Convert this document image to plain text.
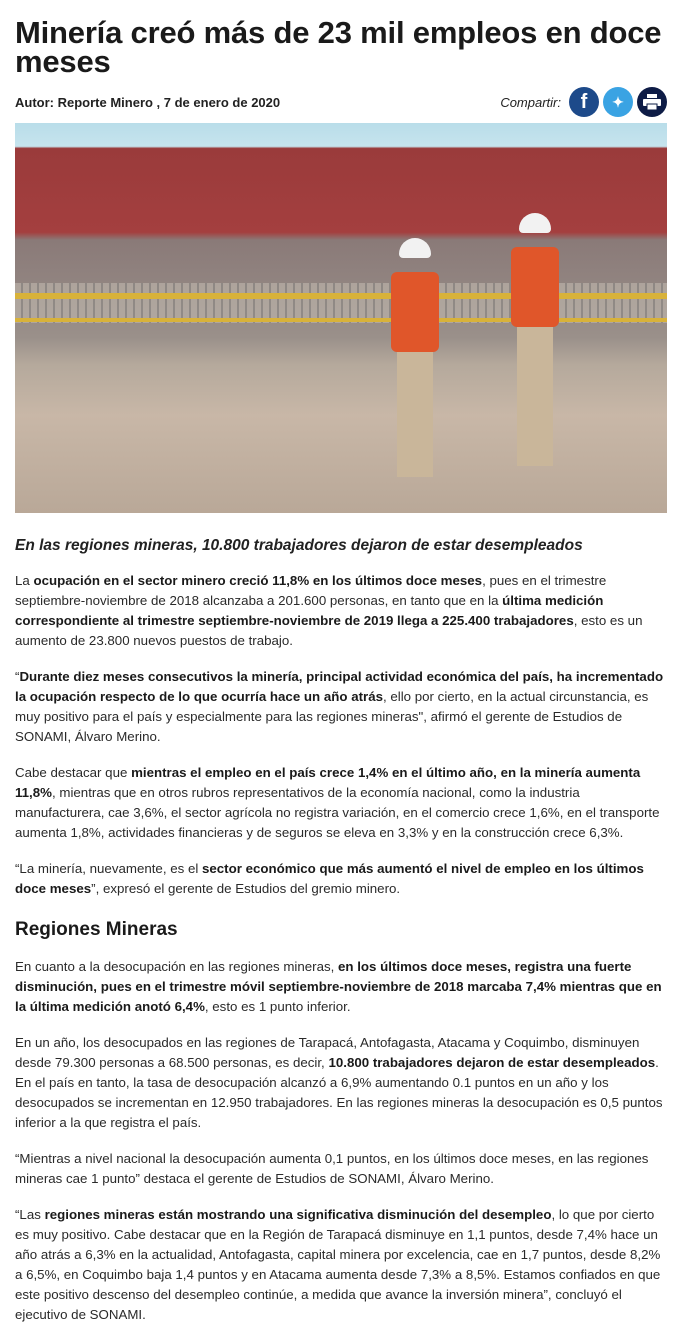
Minería creó más de 23 mil empleos en doce meses
Autor: Reporte Minero , 7 de enero de 2020	Compartir: f	✦
En las regiones mineras, 10.800 trabajadores dejaron de estar desempleados

La ocupación en el sector minero creció 11,8% en los últimos doce meses, pues en el trimestre septiembre-noviembre de 2018 alcanzaba a 201.600 personas, en tanto que en la última medición correspondiente al trimestre septiembre-noviembre de 2019 llega a 225.400 trabajadores, esto es un aumento de 23.800 nuevos puestos de trabajo.

“Durante diez meses consecutivos la minería, principal actividad económica del país, ha incrementado la ocupación respecto de lo que ocurría hace un año atrás, ello por cierto, en la actual circunstancia, es muy positivo para el país y especialmente para las regiones mineras", afirmó el gerente de Estudios de SONAMI, Álvaro Merino.

Cabe destacar que mientras el empleo en el país crece 1,4% en el último año, en la minería aumenta 11,8%, mientras que en otros rubros representativos de la economía nacional, como la industria manufacturera, cae 3,6%, el sector agrícola no registra variación, en el comercio crece 1,6%, en el transporte aumenta 1,8%, actividades financieras y de seguros se eleva en 3,3% y en la construcción crece 6,3%.

“La minería, nuevamente, es el sector económico que más aumentó el nivel de empleo en los últimos doce meses”, expresó el gerente de Estudios del gremio minero.

Regiones Mineras

En cuanto a la desocupación en las regiones mineras, en los últimos doce meses, registra una fuerte disminución, pues en el trimestre móvil septiembre-noviembre de 2018 marcaba 7,4% mientras que en la última medición anotó 6,4%, esto es 1 punto inferior.

En un año, los desocupados en las regiones de Tarapacá, Antofagasta, Atacama y Coquimbo, disminuyen desde 79.300 personas a 68.500 personas, es decir, 10.800 trabajadores dejaron de estar desempleados. En el país en tanto, la tasa de desocupación alcanzó a 6,9% aumentando 0.1 puntos en un año y los desocupados se incrementan en 12.950 trabajadores. En las regiones mineras la desocupación es 0,5 puntos inferior a la que registra el país.

“Mientras a nivel nacional la desocupación aumenta 0,1 puntos, en los últimos doce meses, en las regiones mineras cae 1 punto” destaca el gerente de Estudios de SONAMI, Álvaro Merino.

“Las regiones mineras están mostrando una significativa disminución del desempleo, lo que por cierto es muy positivo. Cabe destacar que en la Región de Tarapacá disminuye en 1,1 puntos, desde 7,4% hace un año atrás a 6,3% en la actualidad, Antofagasta, capital minera por excelencia, cae en 1,7 puntos, desde 8,2% a 6,5%, en Coquimbo baja 1,4 puntos y en Atacama aumenta desde 7,3% a 8,5%. Estamos confiados en que este positivo descenso del desempleo continúe, a medida que avance la inversión minera”, concluyó el ejecutivo de SONAMI.
